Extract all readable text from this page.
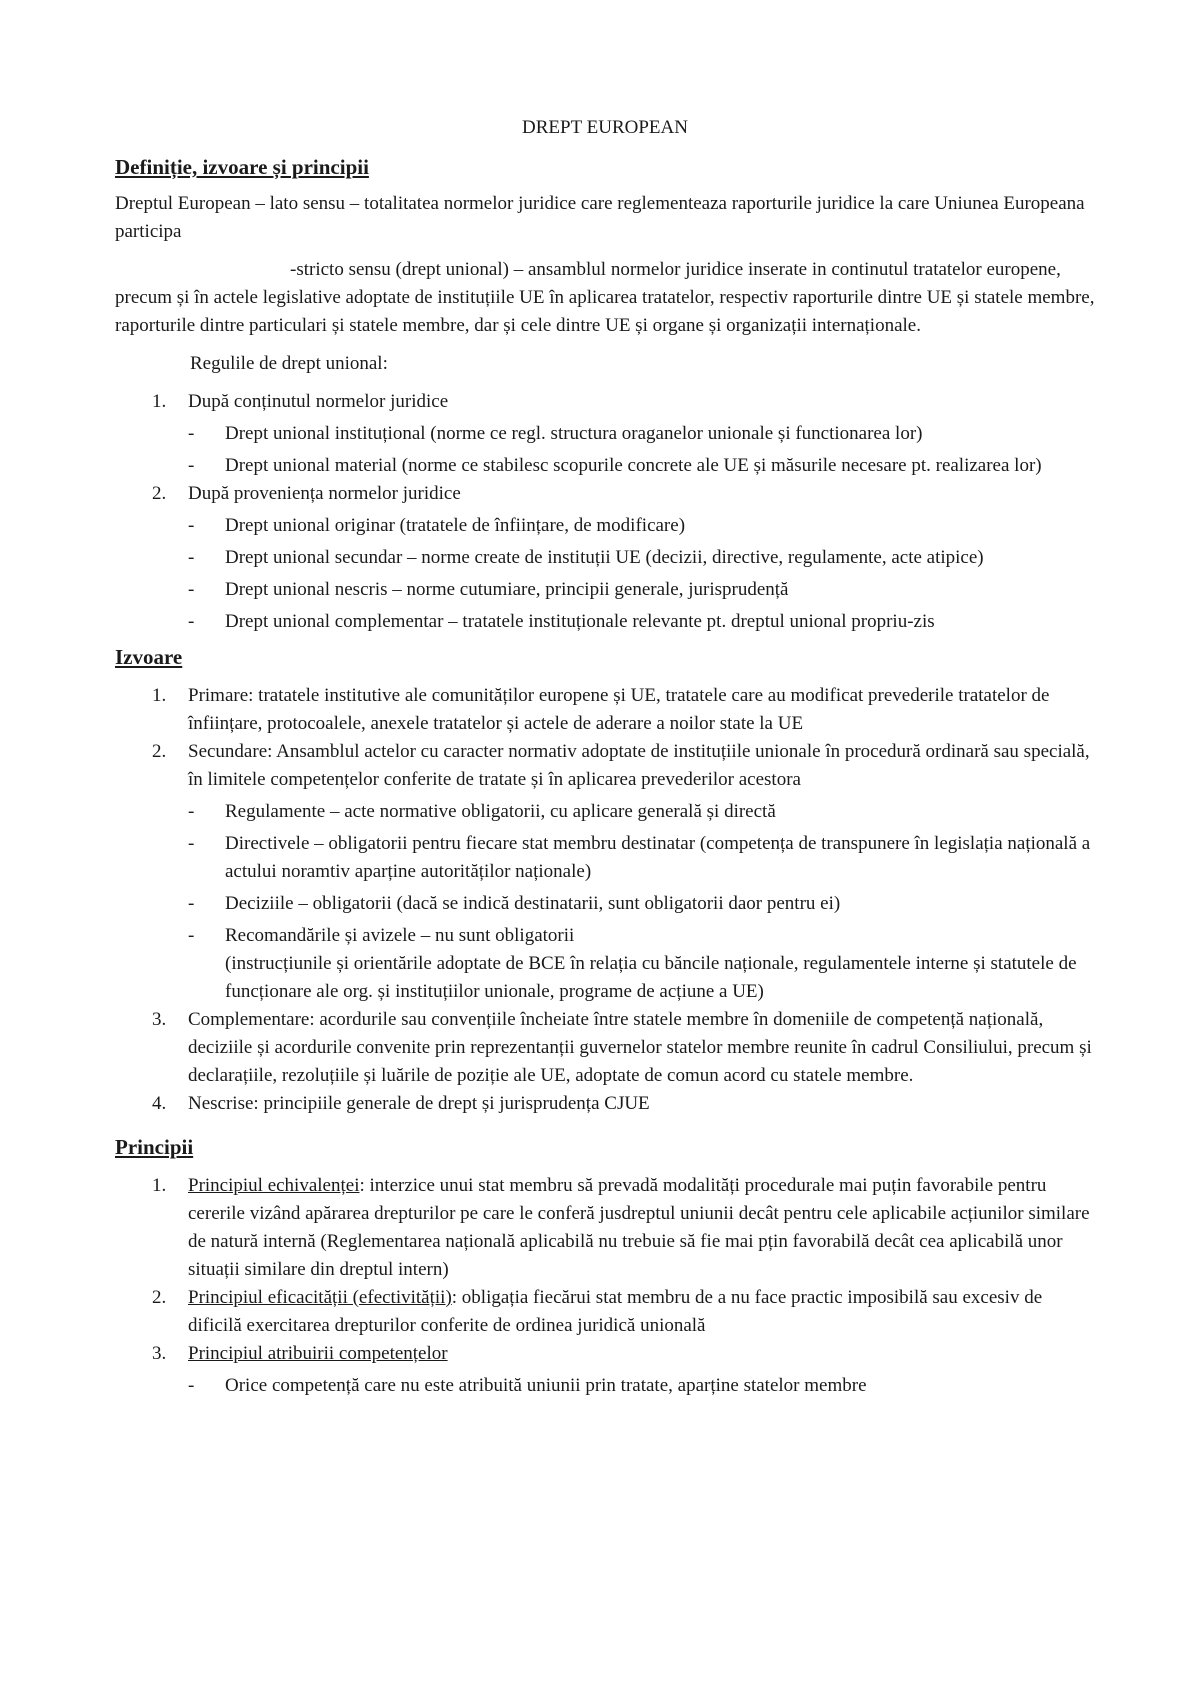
DREPT EUROPEAN

Definiție, izvoare și principii

Dreptul European – lato sensu – totalitatea normelor juridice care reglementeaza raporturile juridice la care Uniunea Europeana participa

-stricto sensu (drept unional) – ansamblul normelor juridice inserate in continutul tratatelor europene, precum și în actele legislative adoptate de instituțiile UE în aplicarea tratatelor, respectiv raporturile dintre UE și statele membre, raporturile dintre particulari și statele membre, dar și cele dintre UE și organe și organizații internaționale.

Regulile de drept unional:

1. După conținutul normelor juridice
- Drept unional instituțional (norme ce regl. structura oraganelor unionale și functionarea lor)
- Drept unional material (norme ce stabilesc scopurile concrete ale UE și măsurile necesare pt. realizarea lor)
2. După proveniența normelor juridice
- Drept unional originar (tratatele de înființare, de modificare)
- Drept unional secundar – norme create de instituții UE (decizii, directive, regulamente, acte atipice)
- Drept unional nescris – norme cutumiare, principii generale, jurisprudență
- Drept unional complementar – tratatele instituționale relevante pt. dreptul unional propriu-zis
Izvoare
1. Primare: tratatele institutive ale comunităților europene și UE, tratatele care au modificat prevederile tratatelor de înființare, protocoalele, anexele tratatelor și actele de aderare a noilor state la UE
2. Secundare: Ansamblul actelor cu caracter normativ adoptate de instituțiile unionale în procedură ordinară sau specială, în limitele competențelor conferite de tratate și în aplicarea prevederilor acestora
- Regulamente – acte normative obligatorii, cu aplicare generală și directă
- Directivele – obligatorii pentru fiecare stat membru destinatar (competența de transpunere în legislația națională a actului noramtiv aparține autorităților naționale)
- Deciziile – obligatorii (dacă se indică destinatarii, sunt obligatorii daor pentru ei)
- Recomandările și avizele – nu sunt obligatorii
(instrucțiunile și orientările adoptate de BCE în relația cu băncile naționale, regulamentele interne și statutele de funcționare ale org. și instituțiilor unionale, programe de acțiune a UE)
3. Complementare: acordurile sau convențiile încheiate între statele membre în domeniile de competență națională, deciziile și acordurile convenite prin reprezentanții guvernelor statelor membre reunite în cadrul Consiliului, precum și declarațiile, rezoluțiile și luările de poziție ale UE, adoptate de comun acord cu statele membre.
4. Nescrise: principiile generale de drept și jurisprudența CJUE
Principii
1. Principiul echivalenței: interzice unui stat membru să prevadă modalități procedurale mai puțin favorabile pentru cererile vizând apărarea drepturilor pe care le conferă jusdreptul uniunii decât pentru cele aplicabile acțiunilor similare de natură internă (Reglementarea națională aplicabilă nu trebuie să fie mai pțin favorabilă decât cea aplicabilă unor situații similare din dreptul intern)
2. Principiul eficacității (efectivității): obligația fiecărui stat membru de a nu face practic imposibilă sau excesiv de dificilă exercitarea drepturilor conferite de ordinea juridică unională
3. Principiul atribuirii competențelor
- Orice competență care nu este atribuită uniunii prin tratate, aparține statelor membre
